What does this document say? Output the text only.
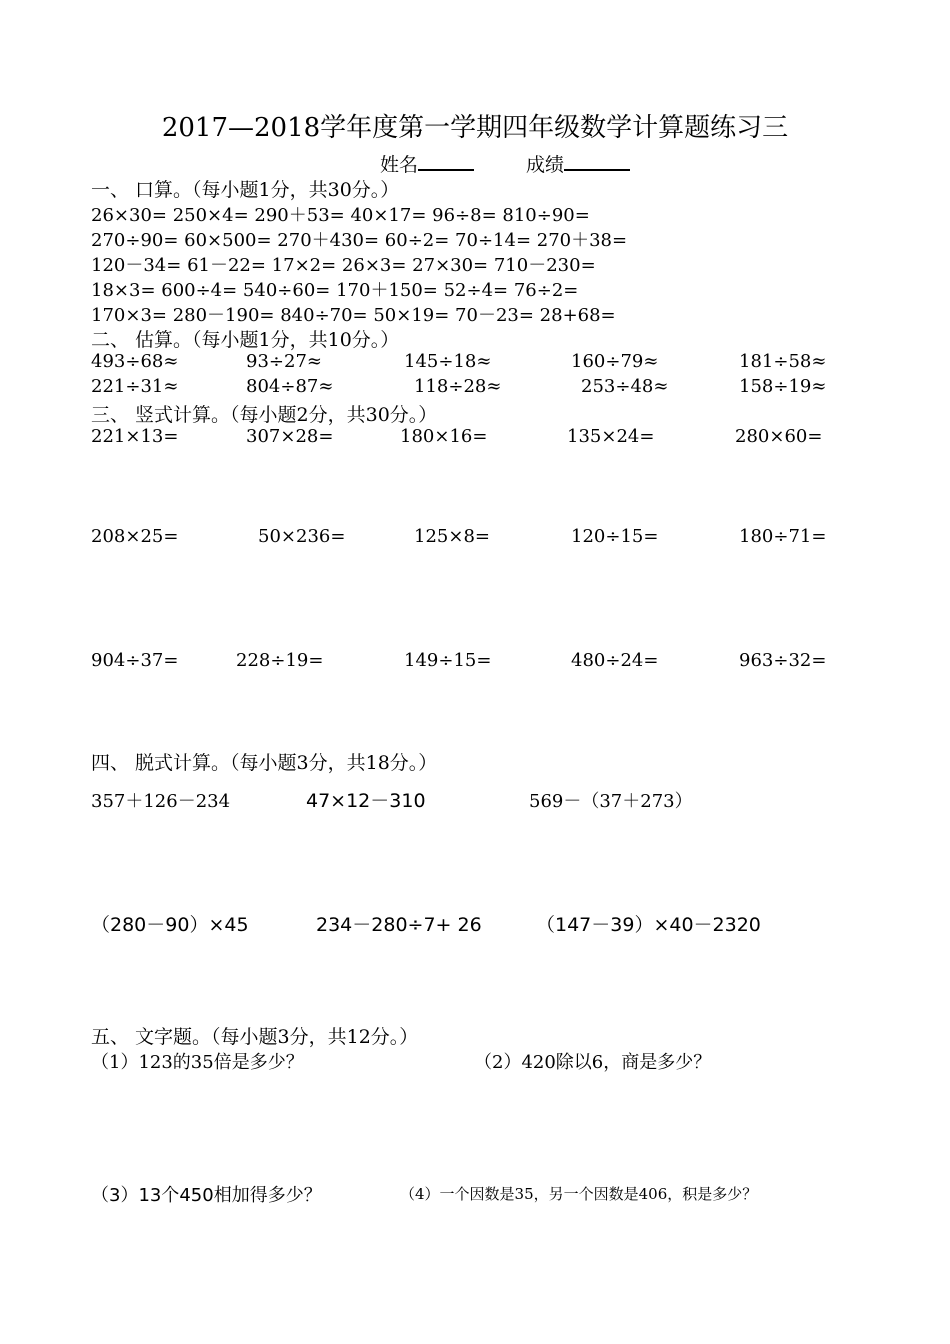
2017—2018学年度第一学期四年级数学计算题练习三
姓名	成绩
一、 口算。（每小题1分，共30分。）
26×30= 250×4= 290＋53= 40×17= 96÷8= 810÷90=
270÷90= 60×500= 270＋430= 60÷2= 70÷14= 270＋38=
120－34= 61－22= 17×2= 26×3= 27×30= 710－230=
18×3= 600÷4= 540÷60= 170＋150= 52÷4= 76÷2=
170×3= 280－190= 840÷70= 50×19= 70－23= 28+68=
二、 估算。（每小题1分，共10分。）
493÷68≈	93÷27≈	145÷18≈	160÷79≈	181÷58≈
221÷31≈	804÷87≈	118÷28≈	253÷48≈	158÷19≈
三、 竖式计算。（每小题2分，共30分。）
221×13=	307×28=	180×16=	135×24=	280×60=
208×25=	50×236=	125×8=	120÷15=	180÷71=
904÷37=	228÷19=	149÷15=	480÷24=	963÷32=
四、 脱式计算。（每小题3分，共18分。）
357＋126－234	47×12－310	569－（37＋273）
（280－90）×45	234－280÷7+ 26	（147－39）×40－2320
五、 文字题。（每小题3分，共12分。）
（1）123的35倍是多少？	（2）420除以6，商是多少？
（3）13个450相加得多少？	（4）一个因数是35，另一个因数是406，积是多少？
